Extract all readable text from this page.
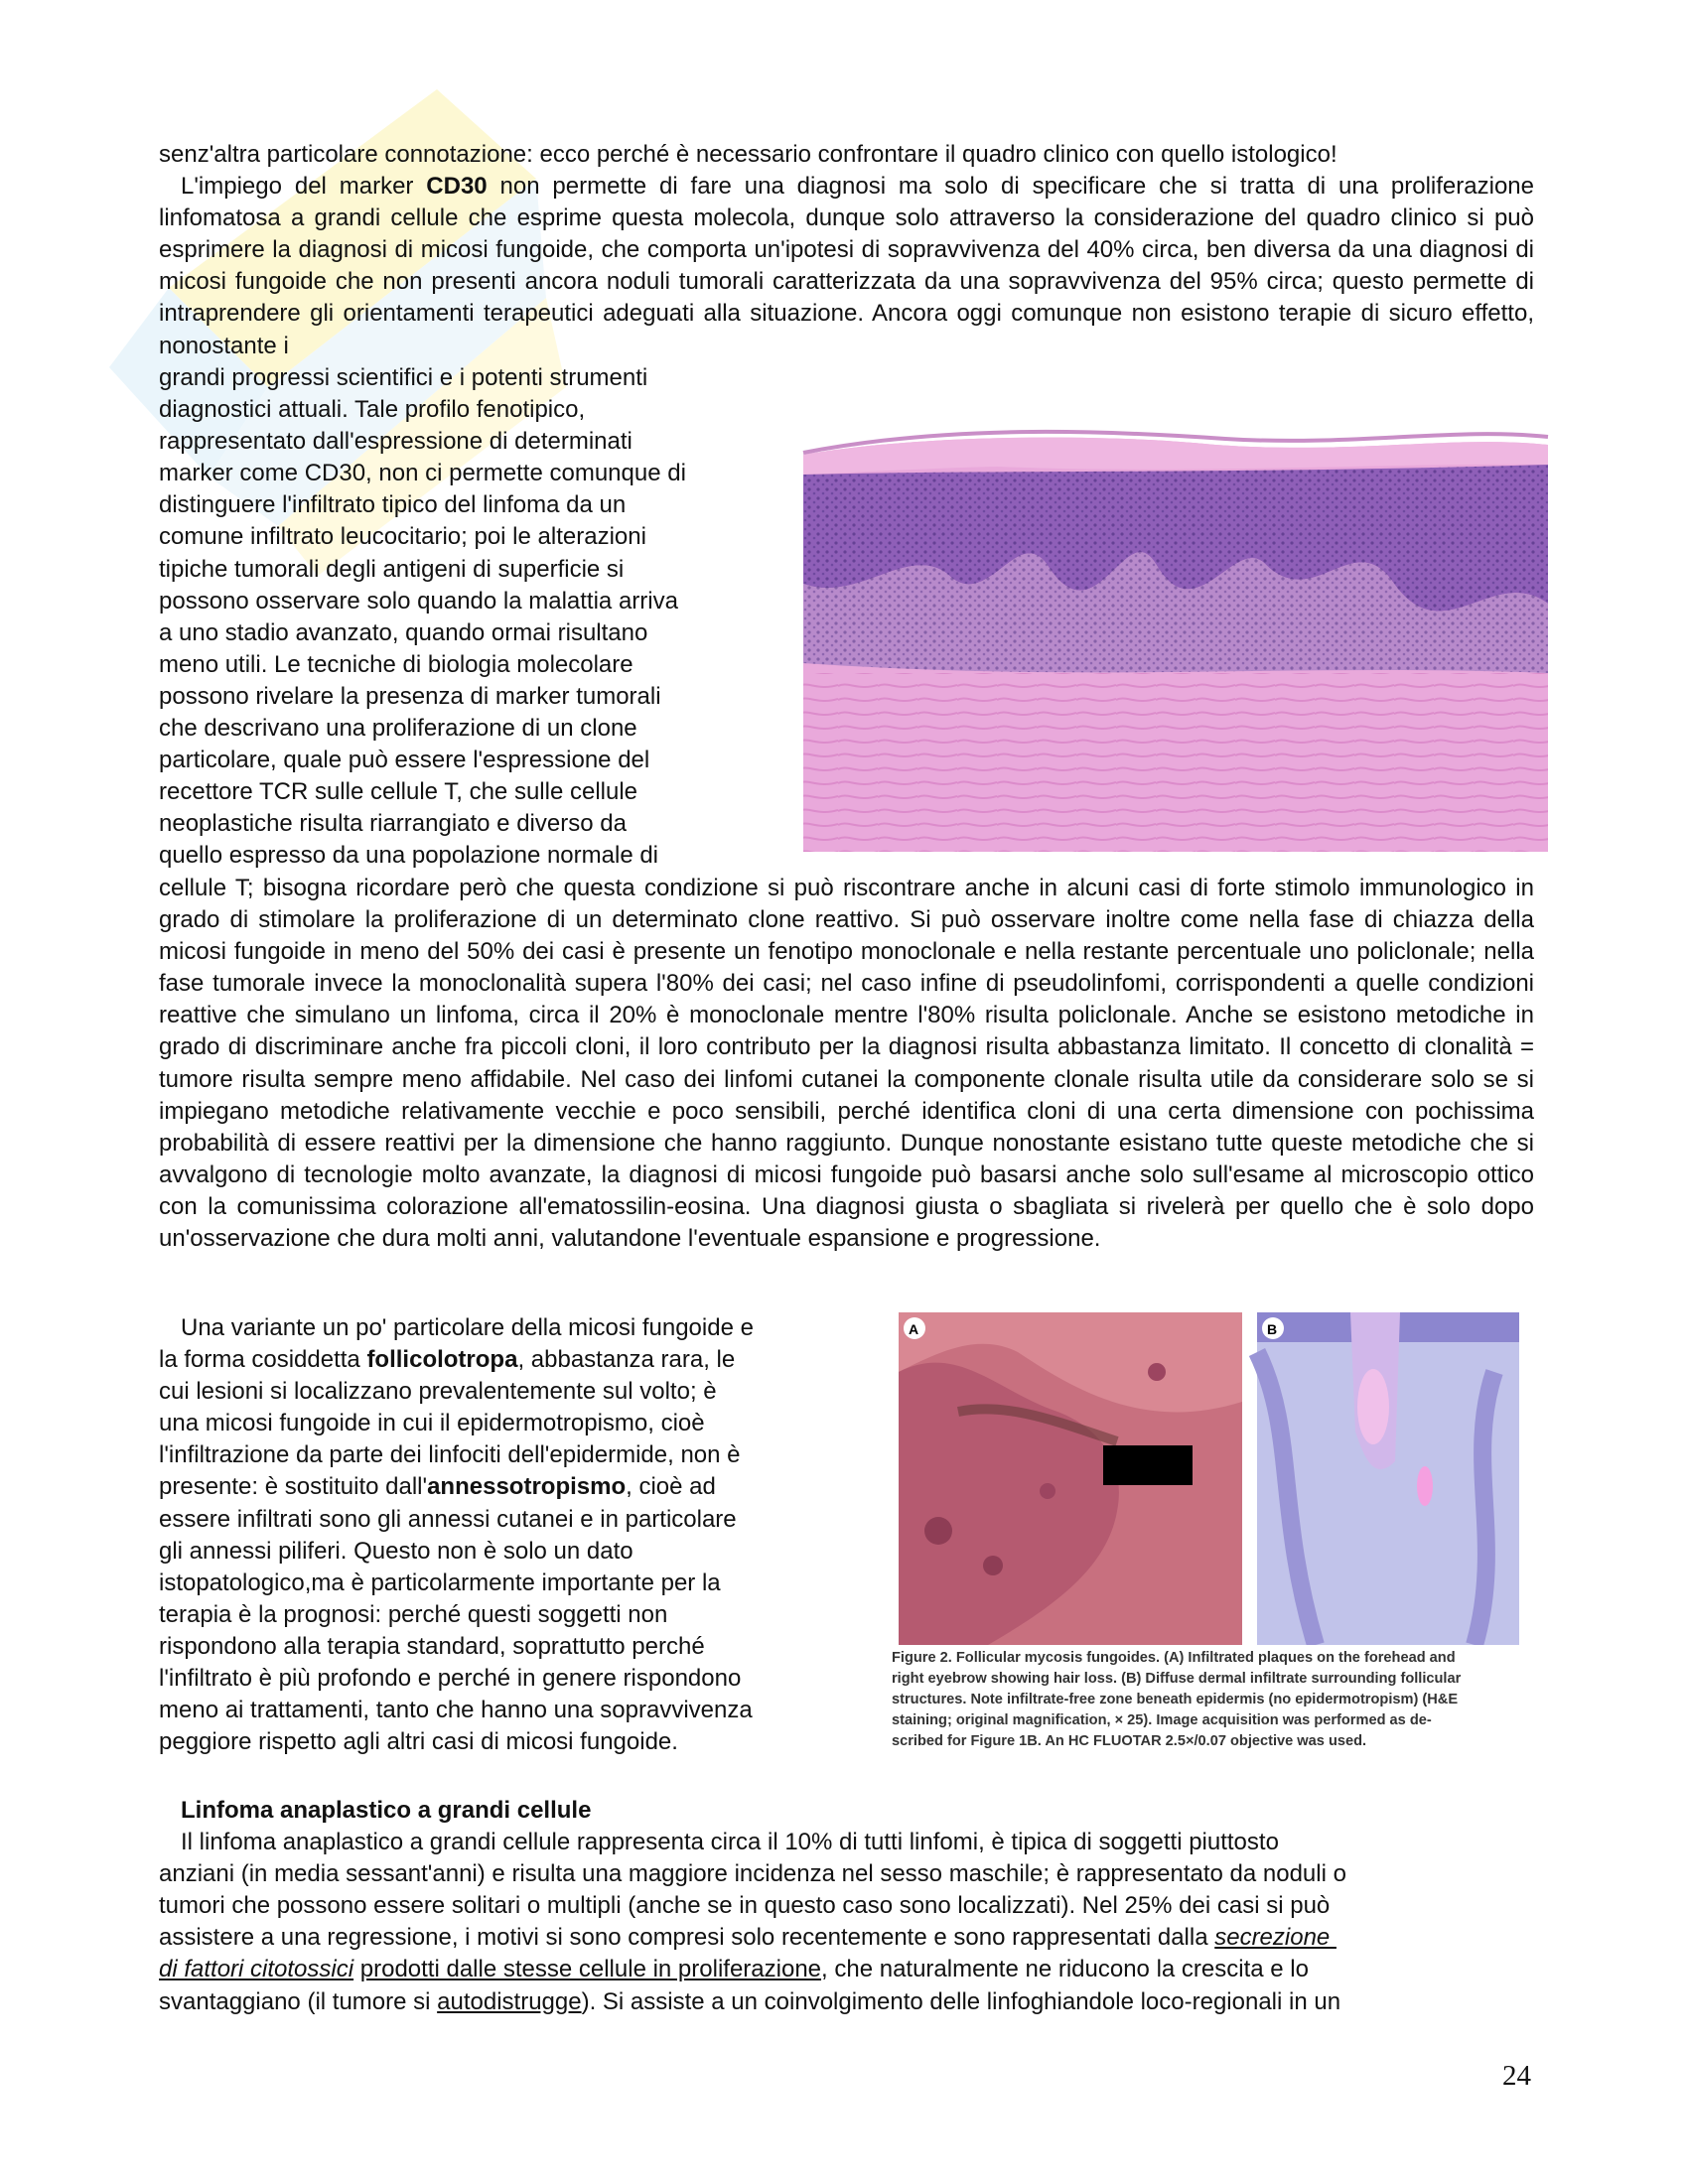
senz'altra particolare connotazione: ecco perché è necessario confrontare il quadro clinico con quello istologico!

L'impiego del marker CD30 non permette di fare una diagnosi ma solo di specificare che si tratta di una proliferazione linfomatosa a grandi cellule che esprime questa molecola, dunque solo attraverso la considerazione del quadro clinico si può esprimere la diagnosi di micosi fungoide, che comporta un'ipotesi di sopravvivenza del 40% circa, ben diversa da una diagnosi di micosi fungoide che non presenti ancora noduli tumorali caratterizzata da una sopravvivenza del 95% circa; questo permette di intraprendere gli orientamenti terapeutici adeguati alla situazione. Ancora oggi comunque non esistono terapie di sicuro effetto, nonostante i

grandi progressi scientifici e i potenti strumenti

diagnostici attuali. Tale profilo fenotipico,

rappresentato dall'espressione di determinati

marker come CD30, non ci permette comunque di

distinguere l'infiltrato tipico del linfoma da un

comune infiltrato leucocitario; poi le alterazioni

tipiche tumorali degli antigeni di superficie si

possono osservare solo quando la malattia arriva

a uno stadio avanzato, quando ormai risultano

meno utili. Le tecniche di biologia molecolare

possono rivelare la presenza di marker tumorali

che descrivano una proliferazione di un clone

particolare, quale può essere l'espressione del

recettore TCR sulle cellule T, che sulle cellule

neoplastiche risulta riarrangiato e diverso da

quello espresso da una popolazione normale di

cellule T; bisogna ricordare però che questa condizione si può riscontrare anche in alcuni casi di forte stimolo immunologico in grado di stimolare la proliferazione di un determinato clone reattivo. Si può osservare inoltre come nella fase di chiazza della micosi fungoide in meno del 50% dei casi è presente un fenotipo monoclonale e nella restante percentuale uno policlonale; nella fase tumorale invece la monoclonalità supera l'80% dei casi; nel caso infine di pseudolinfomi, corrispondenti a quelle condizioni reattive che simulano un linfoma, circa il 20% è monoclonale mentre l'80% risulta policlonale. Anche se esistono metodiche in grado di discriminare anche fra piccoli cloni, il loro contributo per la diagnosi risulta abbastanza limitato. Il concetto di clonalità = tumore risulta sempre meno affidabile. Nel caso dei linfomi cutanei la componente clonale risulta utile da considerare solo se si impiegano metodiche relativamente vecchie e poco sensibili, perché identifica cloni di una certa dimensione con pochissima probabilità di essere reattivi per la dimensione che hanno raggiunto. Dunque nonostante esistano tutte queste metodiche che si avvalgono di tecnologie molto avanzate, la diagnosi di micosi fungoide può basarsi anche solo sull'esame al microscopio ottico con la comunissima colorazione all'ematossilin-eosina. Una diagnosi giusta o sbagliata si rivelerà per quello che è solo dopo un'osservazione che dura molti anni, valutandone l'eventuale espansione e progressione.

Una variante un po' particolare della micosi fungoide e

la forma cosiddetta follicolotropa, abbastanza rara, le

cui lesioni si localizzano prevalentemente sul volto; è

una micosi fungoide in cui il epidermotropismo, cioè

l'infiltrazione da parte dei linfociti dell'epidermide, non è

presente: è sostituito dall'annessotropismo, cioè ad

essere infiltrati sono gli annessi cutanei e in particolare

gli annessi piliferi. Questo non è solo un dato

istopatologico,ma è particolarmente importante per la

terapia è la prognosi: perché questi soggetti non

rispondono alla terapia standard, soprattutto perché

l'infiltrato è più profondo e perché in genere rispondono

meno ai trattamenti, tanto che hanno una sopravvivenza

peggiore rispetto agli altri casi di micosi fungoide.

A	B
Figure 2. Follicular mycosis fungoides. (A) Infiltrated plaques on the forehead and
right eyebrow showing hair loss. (B) Diffuse dermal infiltrate surrounding follicular
structures. Note infiltrate-free zone beneath epidermis (no epidermotropism) (H&E
staining; original magnification, × 25). Image acquisition was performed as de-
scribed for Figure 1B. An HC FLUOTAR 2.5×/0.07 objective was used.

Linfoma anaplastico a grandi cellule

Il linfoma anaplastico a grandi cellule rappresenta circa il 10% di tutti linfomi, è tipica di soggetti piuttosto

anziani (in media sessant'anni) e risulta una maggiore incidenza nel sesso maschile; è rappresentato da noduli o

tumori che possono essere solitari o multipli (anche se in questo caso sono localizzati). Nel 25% dei casi si può

assistere a una regressione, i motivi si sono compresi solo recentemente e sono rappresentati dalla secrezione

di fattori citotossici prodotti dalle stesse cellule in proliferazione, che naturalmente ne riducono la crescita e lo

svantaggiano (il tumore si autodistrugge). Si assiste a un coinvolgimento delle linfoghiandole loco-regionali in un

24
